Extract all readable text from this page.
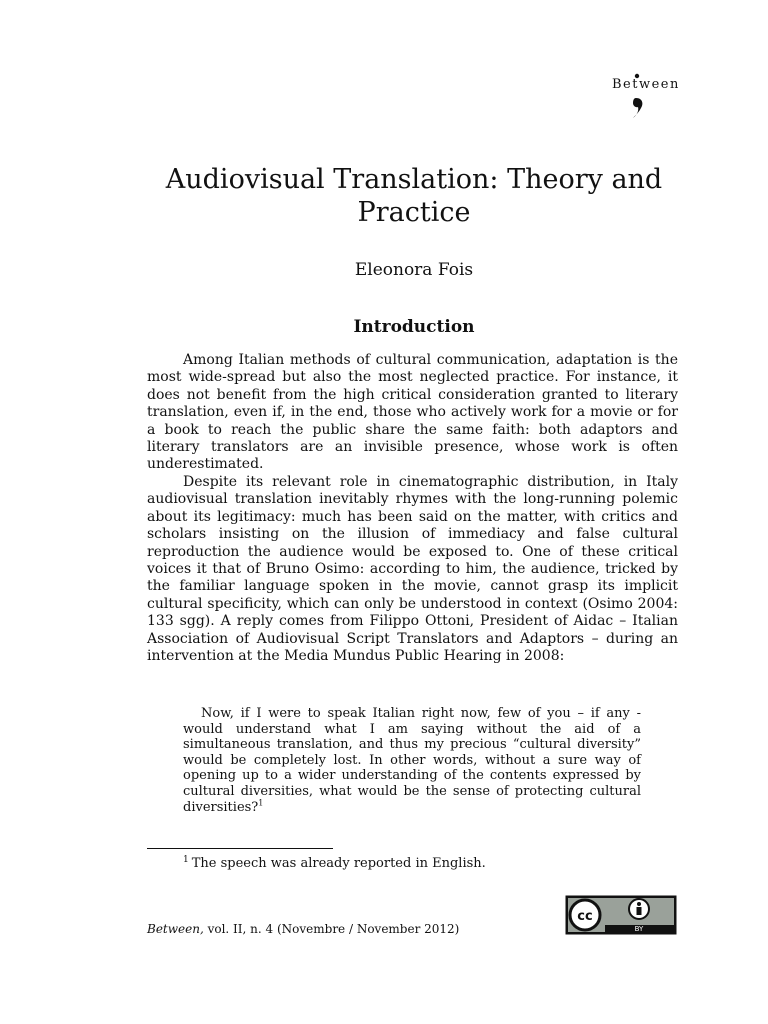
Between
Audiovisual Translation: Theory and Practice
Eleonora Fois
Introduction

Among Italian methods of cultural communication, adaptation is the most wide-spread but also the most neglected practice. For instance, it does not benefit from the high critical consideration granted to literary translation, even if, in the end, those who actively work for a movie or for a book to reach the public share the same faith: both adaptors and literary translators are an invisible presence, whose work is often underestimated.

Despite its relevant role in cinematographic distribution, in Italy audiovisual translation inevitably rhymes with the long-running polemic about its legitimacy: much has been said on the matter, with critics and scholars insisting on the illusion of immediacy and false cultural reproduction the audience would be exposed to. One of these critical voices it that of Bruno Osimo: according to him, the audience, tricked by the familiar language spoken in the movie, cannot grasp its implicit cultural specificity, which can only be understood in context (Osimo 2004: 133 sgg). A reply comes from Filippo Ottoni, President of Aidac – Italian Association of Audiovisual Script Translators and Adaptors – during an intervention at the Media Mundus Public Hearing in 2008:

Now, if I were to speak Italian right now, few of you – if any - would understand what I am saying without the aid of a simultaneous translation, and thus my precious “cultural diversity” would be completely lost. In other words, without a sure way of opening up to a wider understanding of the contents expressed by cultural diversities, what would be the sense of protecting cultural diversities?$^1$

$^1$ The speech was already reported in English.
Between, vol. II, n. 4 (Novembre / November 2012)
cc
BY
